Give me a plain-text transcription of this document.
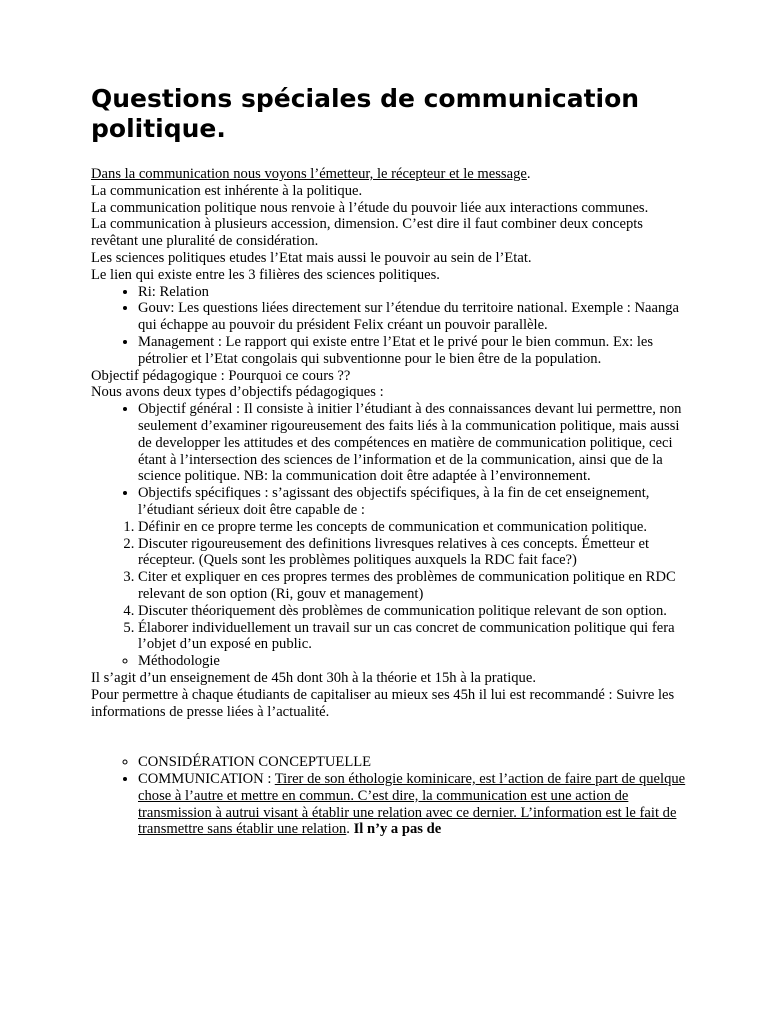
Questions spéciales de communication politique.

Dans la communication nous voyons l’émetteur, le récepteur et le message.

La communication est inhérente à la politique.

La communication politique nous renvoie à l’étude du pouvoir liée aux interactions communes.

La communication à plusieurs accession, dimension. C’est dire il faut combiner deux concepts revêtant une pluralité de considération.

Les sciences politiques etudes l’Etat mais aussi le pouvoir au sein de l’Etat.

Le lien qui existe entre les 3 filières des sciences politiques.

• Ri: Relation
• Gouv: Les questions liées directement sur l’étendue du territoire national. Exemple : Naanga qui échappe au pouvoir du président Felix créant un pouvoir parallèle.
• Management : Le rapport qui existe entre l’Etat et le privé pour le bien commun. Ex: les pétrolier et l’Etat congolais qui subventionne pour le bien être de la population.

Objectif pédagogique : Pourquoi ce cours ??

Nous avons deux types d’objectifs pédagogiques :

• Objectif général : Il consiste à initier l’étudiant à des connaissances devant lui permettre, non seulement d’examiner rigoureusement des faits liés à la communication politique, mais aussi de developper les attitudes et des compétences en matière de communication politique, ceci étant à l’intersection des sciences de l’information et de la communication, ainsi que de la science politique. NB: la communication doit être adaptée à l’environnement.
• Objectifs spécifiques : s’agissant des objectifs spécifiques, à la fin de cet enseignement, l’étudiant sérieux doit être capable de :
1. Définir en ce propre terme les concepts de communication et communication politique.
2. Discuter rigoureusement des definitions livresques relatives à ces concepts. Émetteur et récepteur. (Quels sont les problèmes politiques auxquels la RDC fait face?)
3. Citer et expliquer en ces propres termes des problèmes de communication politique en RDC relevant de son option (Ri, gouv et management)
4. Discuter théoriquement dès problèmes de communication politique relevant de son option.
5. Élaborer individuellement un travail sur un cas concret de communication politique qui fera l’objet d’un exposé en public.
◦ Méthodologie

Il s’agit d’un enseignement de 45h dont 30h à la théorie et 15h à la pratique.

Pour permettre à chaque étudiants de capitaliser au mieux ses 45h il lui est recommandé : Suivre les informations de presse liées à l’actualité.

◦ CONSIDÉRATION CONCEPTUELLE
• COMMUNICATION : Tirer de son éthologie kominicare, est l’action de faire part de quelque chose à l’autre et mettre en commun. C’est dire, la communication est une action de transmission à autrui visant à établir une relation avec ce dernier. L’information est le fait de transmettre sans établir une relation. Il n’y a pas de
